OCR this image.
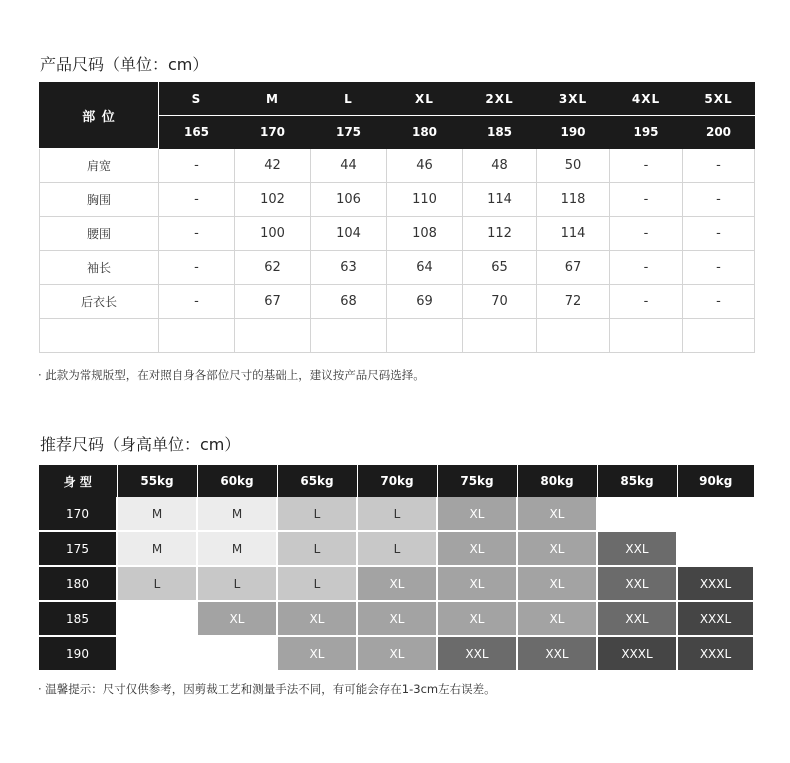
产品尺码（单位：cm）
部 位	S	M	L	XL	2XL	3XL	4XL	5XL
	165	170	175	180	185	190	195	200
肩宽	-	42	44	46	48	50	-	-
胸围	-	102	106	110	114	118	-	-
腰围	-	100	104	108	112	114	-	-
袖长	-	62	63	64	65	67	-	-
后衣长	-	67	68	69	70	72	-	-

· 此款为常规版型，在对照自身各部位尺寸的基础上，建议按产品尺码选择。
推荐尺码（身高单位：cm）
身 型	55kg	60kg	65kg	70kg	75kg	80kg	85kg	90kg
170	M	M	L	L	XL	XL		
175	M	M	L	L	XL	XL	XXL	
180	L	L	L	XL	XL	XL	XXL	XXXL
185		XL	XL	XL	XL	XL	XXL	XXXL
190			XL	XL	XXL	XXL	XXXL	XXXL
· 温馨提示：尺寸仅供参考，因剪裁工艺和测量手法不同，有可能会存在1-3cm左右误差。
